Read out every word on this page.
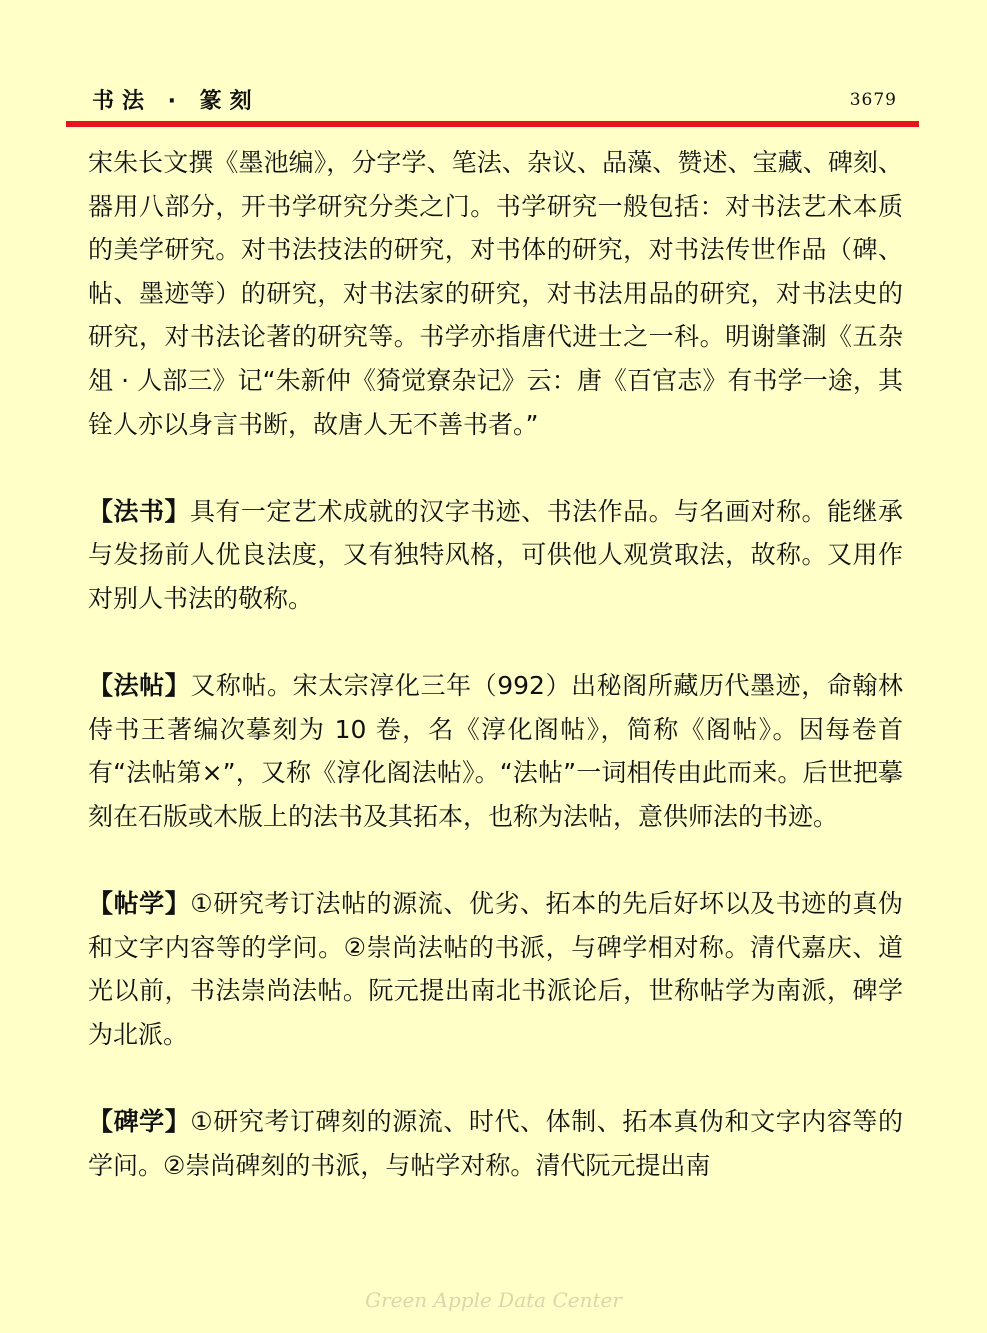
书法 · 篆刻	3679

宋朱长文撰《墨池编》，分字学、笔法、杂议、品藻、赞述、宝藏、碑刻、器用八部分，开书学研究分类之门。书学研究一般包括：对书法艺术本质的美学研究。对书法技法的研究，对书体的研究，对书法传世作品（碑、帖、墨迹等）的研究，对书法家的研究，对书法用品的研究，对书法史的研究，对书法论著的研究等。书学亦指唐代进士之一科。明谢肇淛《五杂俎 · 人部三》记“朱新仲《猗觉寮杂记》云：唐《百官志》有书学一途，其铨人亦以身言书断，故唐人无不善书者。”

【法书】具有一定艺术成就的汉字书迹、书法作品。与名画对称。能继承与发扬前人优良法度，又有独特风格，可供他人观赏取法，故称。又用作对别人书法的敬称。

【法帖】又称帖。宋太宗淳化三年（992）出秘阁所藏历代墨迹，命翰林侍书王著编次摹刻为 10 卷，名《淳化阁帖》，简称《阁帖》。因每卷首有“法帖第×”，又称《淳化阁法帖》。“法帖”一词相传由此而来。后世把摹刻在石版或木版上的法书及其拓本，也称为法帖，意供师法的书迹。

【帖学】①研究考订法帖的源流、优劣、拓本的先后好坏以及书迹的真伪和文字内容等的学问。②崇尚法帖的书派，与碑学相对称。清代嘉庆、道光以前，书法崇尚法帖。阮元提出南北书派论后，世称帖学为南派，碑学为北派。

【碑学】①研究考订碑刻的源流、时代、体制、拓本真伪和文字内容等的学问。②崇尚碑刻的书派，与帖学对称。清代阮元提出南

Green Apple Data Center
